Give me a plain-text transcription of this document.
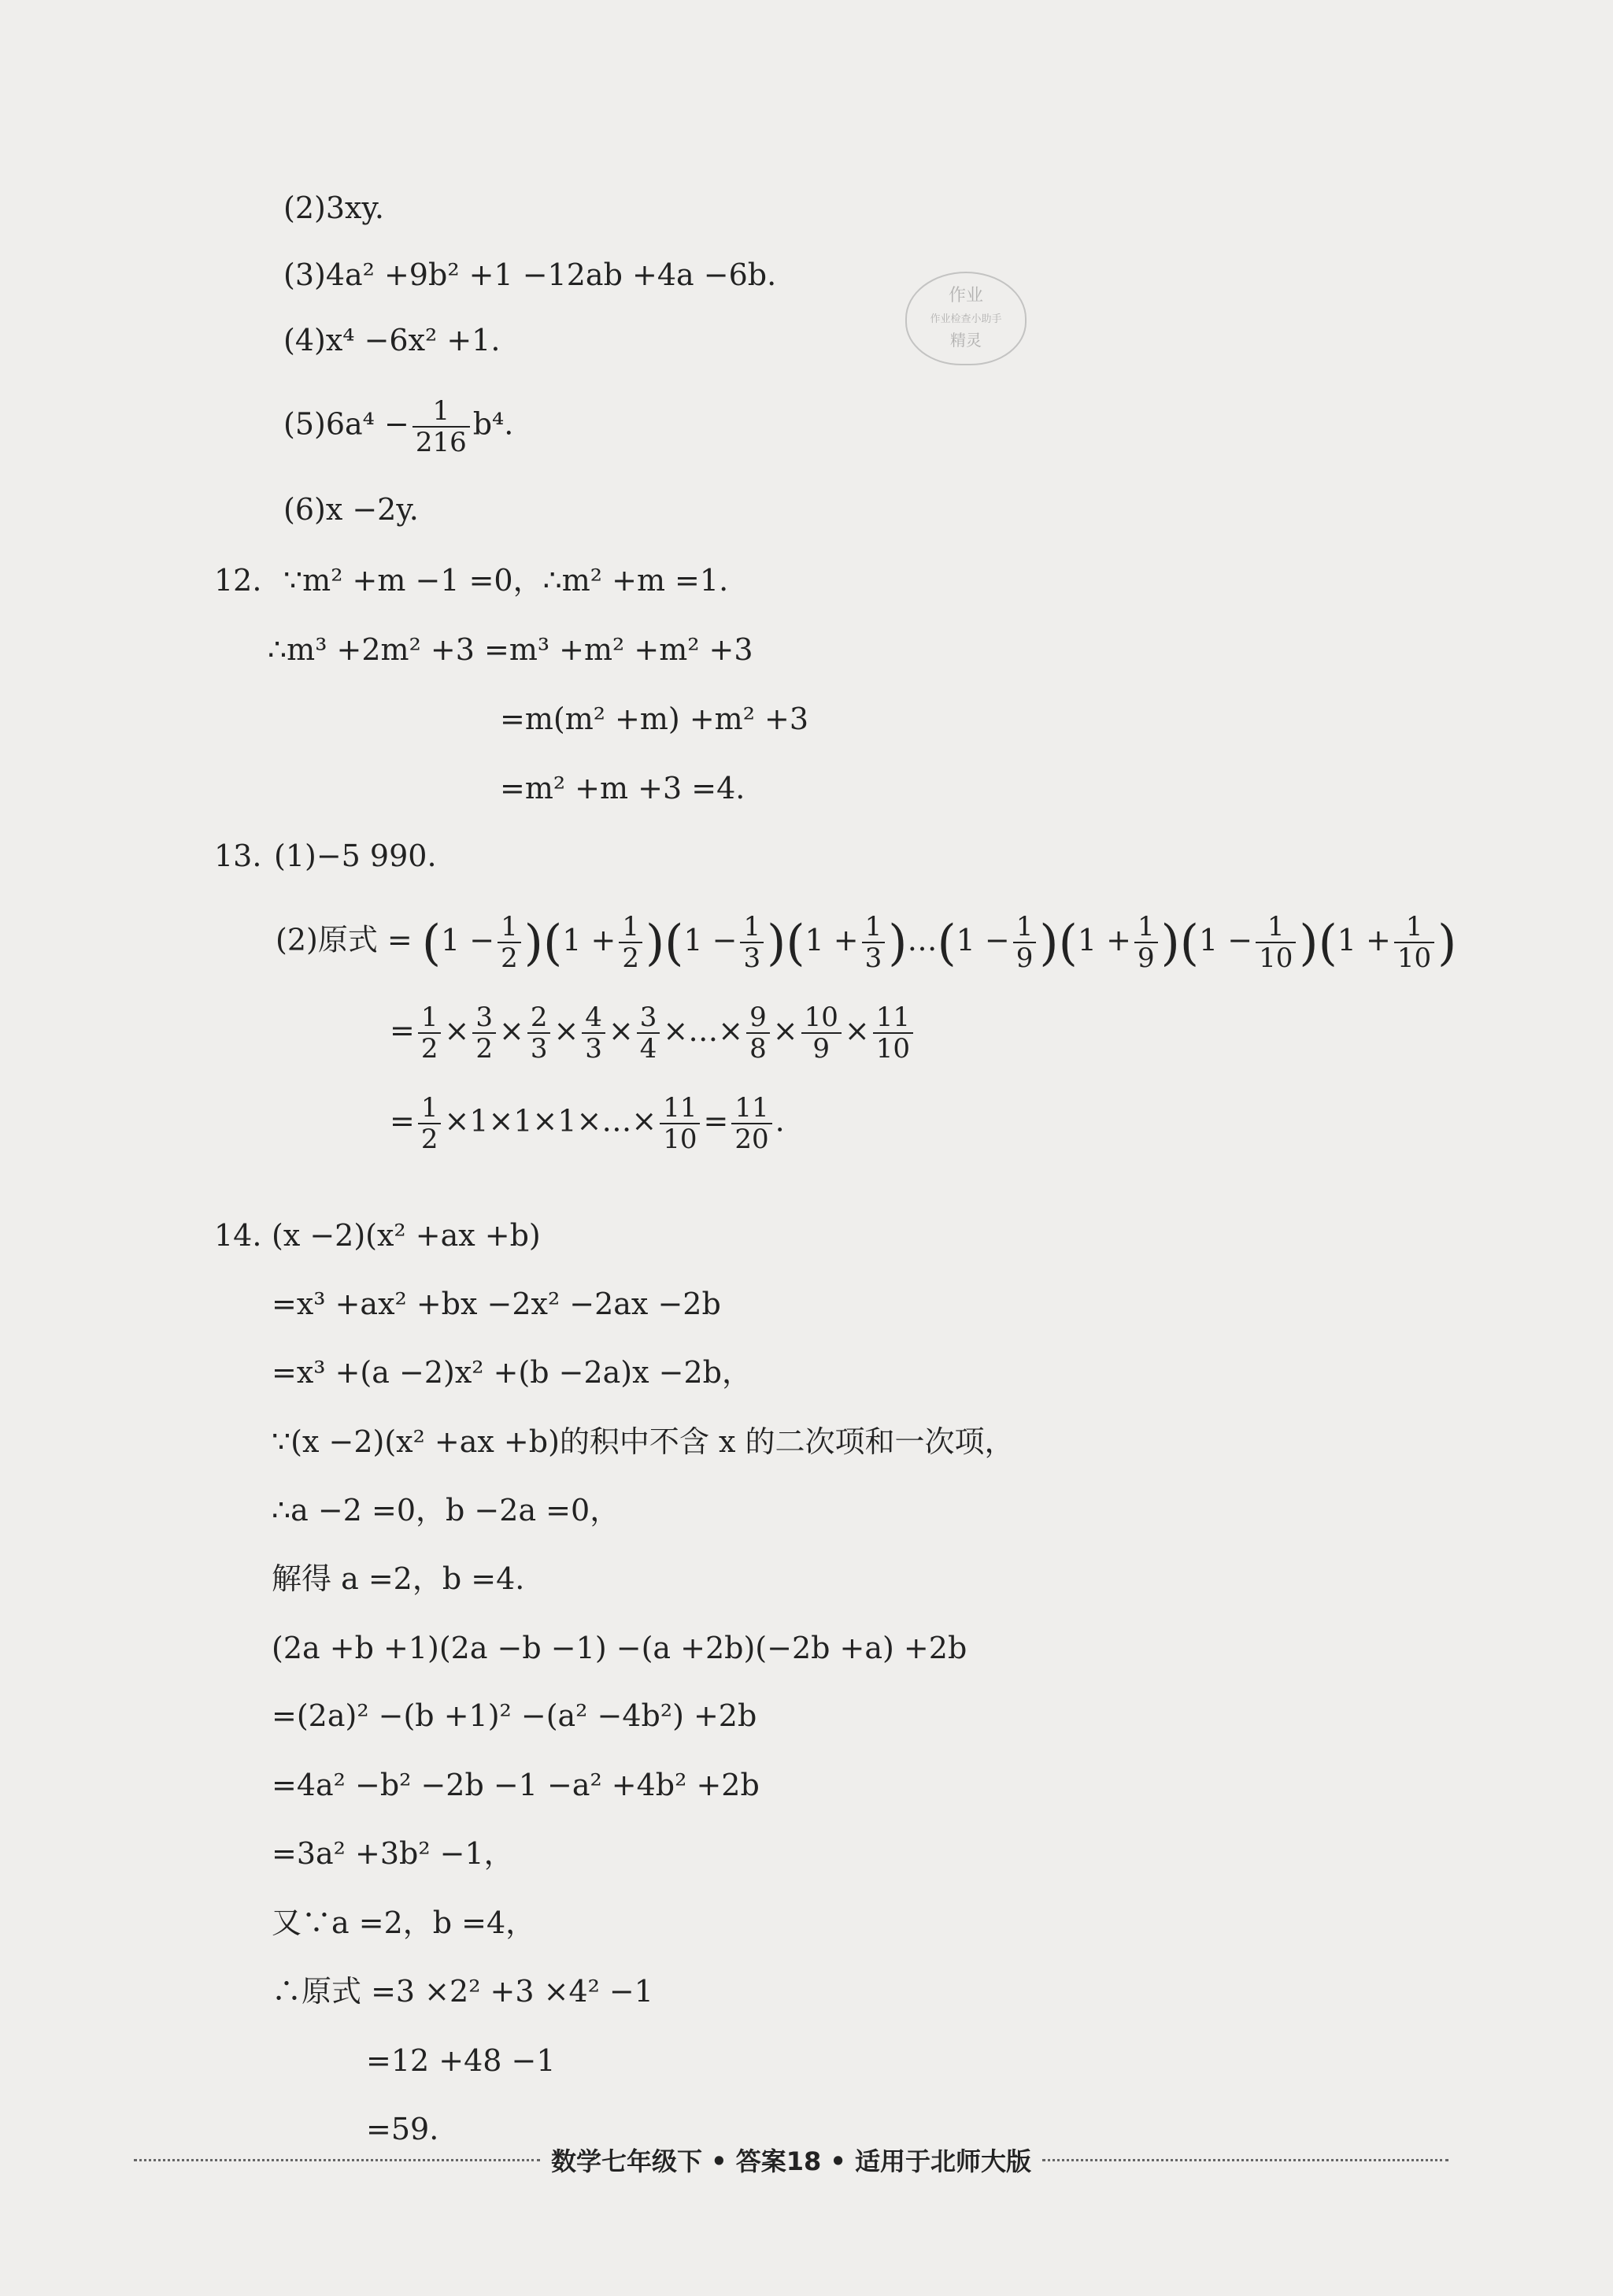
(2)3xy.
(3)4a² +9b² +1 −12ab +4a −6b.
作业
作业检查小助手
精灵
(4)x⁴ −6x² +1.
$(5)6a^4 - \frac{1}{216} b^4$.
(6)x −2y.
12. ∵m² +m −1 =0，∴m² +m =1.
∴m³ +2m² +3 =m³ +m² +m² +3
=m(m² +m) +m² +3
=m² +m +3 =4.
13. (1)−5 990.
(2)原式 = $(1 - \frac{1}{2} )(1 + \frac{1}{2} )(1 - \frac{1}{3} )(1 + \frac{1}{3}$ )…(1 − $\frac{1}{9} )(1 + \frac{1}{9} )(1 - \frac{1}{10} )(1 + \frac{1}{10}$ )
= $\frac{1}{2} \times \frac{3}{2} \times \frac{2}{3} \times \frac{4}{3} \times \frac{3}{4}$ ×…× $\frac{9}{8} \times \frac{10}{9} \times \frac{11}{10}$
= $\frac{1}{2}$ ×1×1×1×…× $\frac{11}{10} = \frac{11}{20}$ .
14. (x −2)(x² +ax +b)
=x³ +ax² +bx −2x² −2ax −2b
=x³ +(a −2)x² +(b −2a)x −2b，
∵(x −2)(x² +ax +b)的积中不含 x 的二次项和一次项，
∴a −2 =0，b −2a =0，
解得 a =2，b =4.
(2a +b +1)(2a −b −1) −(a +2b)(−2b +a) +2b
=(2a)² −(b +1)² −(a² −4b²) +2b
=4a² −b² −2b −1 −a² +4b² +2b
=3a² +3b² −1，
又∵a =2，b =4，
∴原式 =3 ×2² +3 ×4² −1
=12 +48 −1
=59.
数学七年级下 • 答案18 • 适用于北师大版
